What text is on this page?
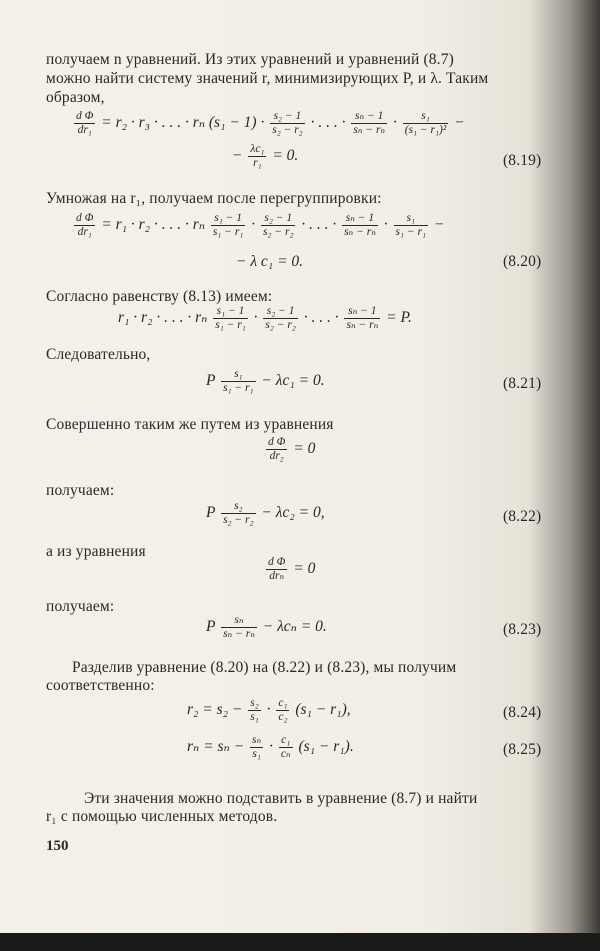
получаем n уравнений. Из этих уравнений и уравнений (8.7)
можно найти систему значений r, минимизирующих P, и λ. Таким
образом,
$\frac{\text{d Φ}}{\text{dr₁}} = r_2 \cdot r_3$ · . . . · rₙ $(s_1 - 1) \cdot \frac{\text{s₂ − 1}}{\text{s₂ − r₂}}$ · . . . · $\frac{\text{sₙ − 1}}{\text{sₙ − rₙ}} \cdot \frac{\text{s₁}}{\text{(s₁ − r₁)²}}$ −
− $\frac{\text{λc₁}}{\text{r₁}} = 0$.	(8.19)
Умножая на r₁, получаем после перегруппировки:
$\frac{\text{d Φ}}{\text{dr₁}} = r_1 \cdot r_2$ · . . . · rₙ $\frac{\text{s₁ − 1}}{\text{s₁ − r₁}} \cdot \frac{\text{s₂ − 1}}{\text{s₂ − r₂}}$ · . . . · $\frac{\text{sₙ − 1}}{\text{sₙ − rₙ}} \cdot \frac{\text{s₁}}{\text{s₁ − r₁}}$ −
− λ c₁ = 0.	(8.20)
Согласно равенству (8.13) имеем:
r₁ · r₂ · . . . · rₙ $\frac{\text{s₁ − 1}}{\text{s₁ − r₁}} \cdot \frac{\text{s₂ − 1}}{\text{s₂ − r₂}}$ · . . . · $\frac{\text{sₙ − 1}}{\text{sₙ − rₙ}} = P$.
Следовательно,
P $\frac{\text{s₁}}{\text{s₁ − r₁}} - \lambda c_1 = 0$.	(8.21)
Совершенно таким же путем из уравнения
$\frac{\text{d Φ}}{\text{dr₂}} = 0$
получаем:
P $\frac{\text{s₂}}{\text{s₂ − r₂}} - \lambda c_2 = 0$,	(8.22)
а из уравнения
d Φ
drₙ = 0
получаем:
P $\frac{\text{sₙ}}{\text{sₙ − rₙ}} - \lambda c_n = 0$.	(8.23)
Разделив уравнение (8.20) на (8.22) и (8.23), мы получим
соответственно:
$r_2 = s_2 - \frac{\text{s₂}}{\text{s₁}} \cdot \frac{\text{c₁}}{\text{c₂}} (s_1 - r_1)$,	(8.24)
$r_n = s_n - \frac{\text{sₙ}}{\text{s₁}} \cdot \frac{\text{c₁}}{\text{cₙ}} (s_1 - r_1)$.	(8.25)
Эти значения можно подставить в уравнение (8.7) и найти
r₁ с помощью численных методов.
150
